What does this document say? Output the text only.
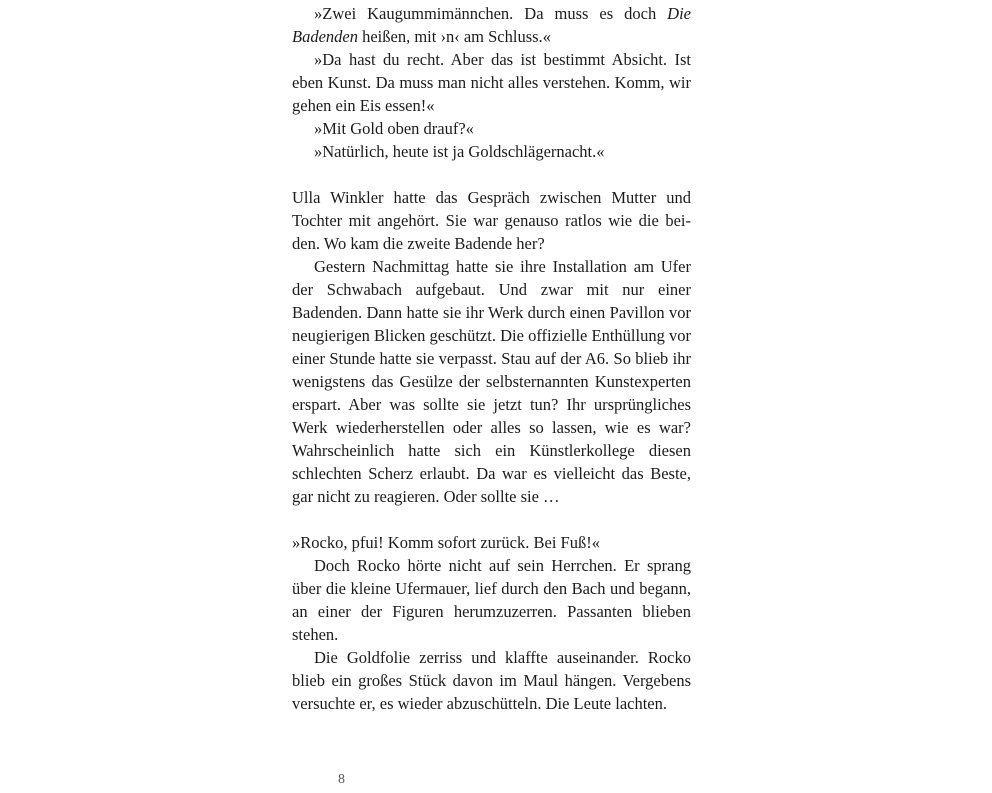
»Zwei Kaugummimännchen. Da muss es doch Die Badenden heißen, mit ›n‹ am Schluss.«

»Da hast du recht. Aber das ist bestimmt Absicht. Ist eben Kunst. Da muss man nicht alles verstehen. Komm, wir gehen ein Eis essen!«

»Mit Gold oben drauf?«

»Natürlich, heute ist ja Goldschlägernacht.«

Ulla Winkler hatte das Gespräch zwischen Mutter und Tochter mit angehört. Sie war genauso ratlos wie die beiden. Wo kam die zweite Badende her?

Gestern Nachmittag hatte sie ihre Installation am Ufer der Schwabach aufgebaut. Und zwar mit nur einer Badenden. Dann hatte sie ihr Werk durch einen Pavillon vor neugierigen Blicken geschützt. Die offizielle Enthüllung vor einer Stunde hatte sie verpasst. Stau auf der A6. So blieb ihr wenigstens das Gesülze der selbsternannten Kunstexperten erspart. Aber was sollte sie jetzt tun? Ihr ursprüngliches Werk wiederherstellen oder alles so lassen, wie es war? Wahrscheinlich hatte sich ein Künstlerkollege diesen schlechten Scherz erlaubt. Da war es vielleicht das Beste, gar nicht zu reagieren. Oder sollte sie …

»Rocko, pfui! Komm sofort zurück. Bei Fuß!«

Doch Rocko hörte nicht auf sein Herrchen. Er sprang über die kleine Ufermauer, lief durch den Bach und begann, an einer der Figuren herumzuzerren. Passanten blieben stehen.

Die Goldfolie zerriss und klaffte auseinander. Rocko blieb ein großes Stück davon im Maul hängen. Vergebens versuchte er, es wieder abzuschütteln. Die Leute lachten.

8
